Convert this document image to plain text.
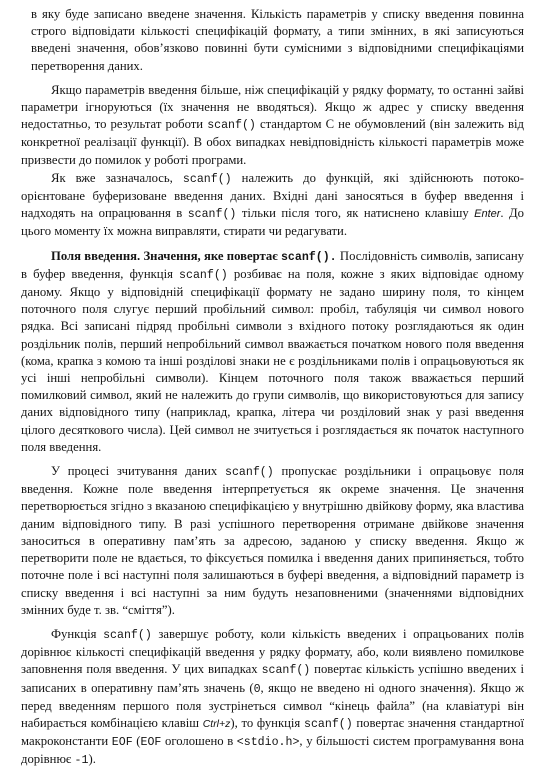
в яку буде записано введене значення. Кількість параметрів у списку введення повинна строго відповідати кількості специфікацій формату, а типи змінних, в які записуються введені значення, обов’язково повинні бути сумісними з відповідними специфікаціями перетворення даних.

Якщо параметрів введення більше, ніж специфікацій у рядку формату, то останні зайві параметри ігноруються (їх значення не вводяться). Якщо ж адрес у списку введення недостатньо, то результат роботи scanf() стандартом С не обумовлений (він залежить від конкретної реалізації функції). В обох випадках невідповідність кількості параметрів може призвести до помилок у роботі програми.

Як вже зазначалось, scanf() належить до функцій, які здійснюють потоко-орієнтоване буферизоване введення даних. Вхідні дані заносяться в буфер введення і надходять на опрацювання в scanf() тільки після того, як натиснено клавішу Enter. До цього моменту їх можна виправляти, стирати чи редагувати.

Поля введення. Значення, яке повертає scanf(). Послідовність символів, записану в буфер введення, функція scanf() розбиває на поля, кожне з яких відповідає одному даному. Якщо у відповідній специфікації формату не задано ширину поля, то кінцем поточного поля слугує перший пробільний символ: пробіл, табуляція чи символ нового рядка. Всі записані підряд пробільні символи з вхідного потоку розглядаються як один роздільник полів, перший непробільний символ вважається початком нового поля введення (кома, крапка з комою та інші розділові знаки не є роздільниками полів і опрацьовуються як усі інші непробільні символи). Кінцем поточного поля також вважається перший помилковий символ, який не належить до групи символів, що використовуються для запису даних відповідного типу (наприклад, крапка, літера чи розділовий знак у разі введення цілого десяткового числа). Цей символ не зчитується і розглядається як початок наступного поля введення.

У процесі зчитування даних scanf() пропускає роздільники і опрацьовує поля введення. Кожне поле введення інтерпретується як окреме значення. Це значення перетворюється згідно з вказаною специфікацією у внутрішню двійкову форму, яка властива даним відповідного типу. В разі успішного перетворення отримане двійкове значення заноситься в оперативну пам’ять за адресою, заданою у списку введення. Якщо ж перетворити поле не вдається, то фіксується помилка і введення даних припиняється, тобто поточне поле і всі наступні поля залишаються в буфері введення, а відповідний параметр із списку введення і всі наступні за ним будуть незаповненими (значеннями відповідних змінних буде т. зв. “сміття”).

Функція scanf() завершує роботу, коли кількість введених і опрацьованих полів дорівнює кількості специфікацій введення у рядку формату, або, коли виявлено помилкове заповнення поля введення. У цих випадках scanf() повертає кількість успішно введених і записаних в оперативну пам’ять значень (0, якщо не введено ні одного значення). Якщо ж перед введенням першого поля зустрінеться символ “кінець файла” (на клавіатурі він набирається комбінацією клавіш Ctrl+z), то функція scanf() повертає значення стандартної макроконстанти EOF (EOF оголошено в <stdio.h>, у більшості систем програмування вона дорівнює -1).
